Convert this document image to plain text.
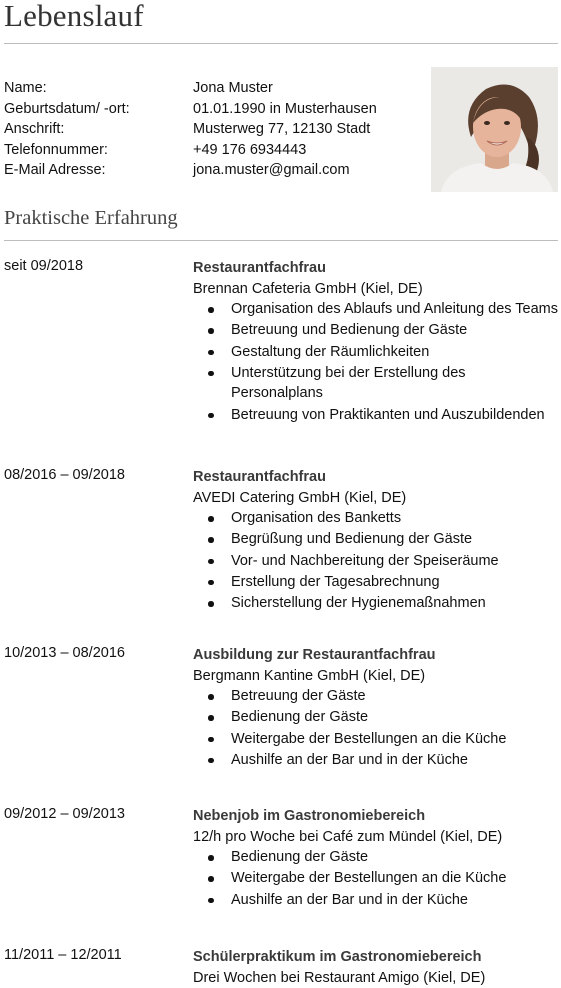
Lebenslauf
Name:	Jona Muster
Geburtsdatum/ -ort:	01.01.1990 in Musterhausen
Anschrift:	Musterweg 77, 12130 Stadt
Telefonnummer:	+49 176 6934443
E-Mail Adresse:	jona.muster@gmail.com
Praktische Erfahrung
seit 09/2018	Restaurantfachfrau
Brennan Cafeteria GmbH (Kiel, DE)
Organisation des Ablaufs und Anleitung des Teams
Betreuung und Bedienung der Gäste
Gestaltung der Räumlichkeiten
Unterstützung bei der Erstellung des Personalplans
Betreuung von Praktikanten und Auszubildenden
08/2016 – 09/2018	Restaurantfachfrau
AVEDI Catering GmbH (Kiel, DE)
Organisation des Banketts
Begrüßung und Bedienung der Gäste
Vor- und Nachbereitung der Speiseräume
Erstellung der Tagesabrechnung
Sicherstellung der Hygienemaßnahmen
10/2013 – 08/2016	Ausbildung zur Restaurantfachfrau
Bergmann Kantine GmbH (Kiel, DE)
Betreuung der Gäste
Bedienung der Gäste
Weitergabe der Bestellungen an die Küche
Aushilfe an der Bar und in der Küche
09/2012 – 09/2013	Nebenjob im Gastronomiebereich
12/h pro Woche bei Café zum Mündel (Kiel, DE)
Bedienung der Gäste
Weitergabe der Bestellungen an die Küche
Aushilfe an der Bar und in der Küche
11/2011 – 12/2011	Schülerpraktikum im Gastronomiebereich
Drei Wochen bei Restaurant Amigo (Kiel, DE)
